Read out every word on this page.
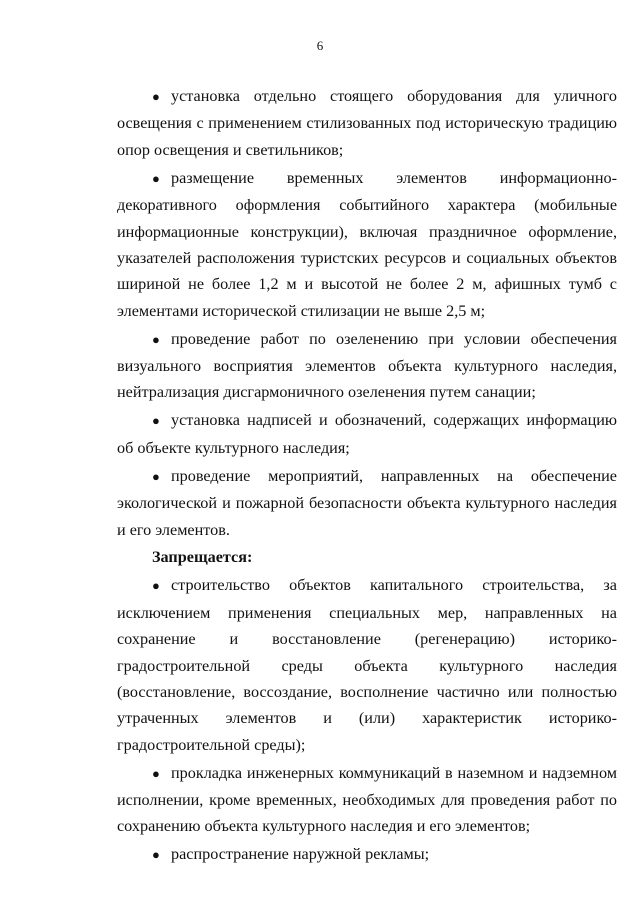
6

● установка отдельно стоящего оборудования для уличного освещения с применением стилизованных под историческую традицию опор освещения и светильников;

● размещение временных элементов информационно-декоративного оформления событийного характера (мобильные информационные конструкции), включая праздничное оформление, указателей расположения туристских ресурсов и социальных объектов шириной не более 1,2 м и высотой не более 2 м, афишных тумб с элементами исторической стилизации не выше 2,5 м;

● проведение работ по озеленению при условии обеспечения визуального восприятия элементов объекта культурного наследия, нейтрализация дисгармоничного озеленения путем санации;

● установка надписей и обозначений, содержащих информацию об объекте культурного наследия;

● проведение мероприятий, направленных на обеспечение экологической и пожарной безопасности объекта культурного наследия и его элементов.

Запрещается:

● строительство объектов капитального строительства, за исключением применения специальных мер, направленных на сохранение и восстановление (регенерацию) историко-градостроительной среды объекта культурного наследия (восстановление, воссоздание, восполнение частично или полностью утраченных элементов и (или) характеристик историко-градостроительной среды);

● прокладка инженерных коммуникаций в наземном и надземном исполнении, кроме временных, необходимых для проведения работ по сохранению объекта культурного наследия и его элементов;

● распространение наружной рекламы;
